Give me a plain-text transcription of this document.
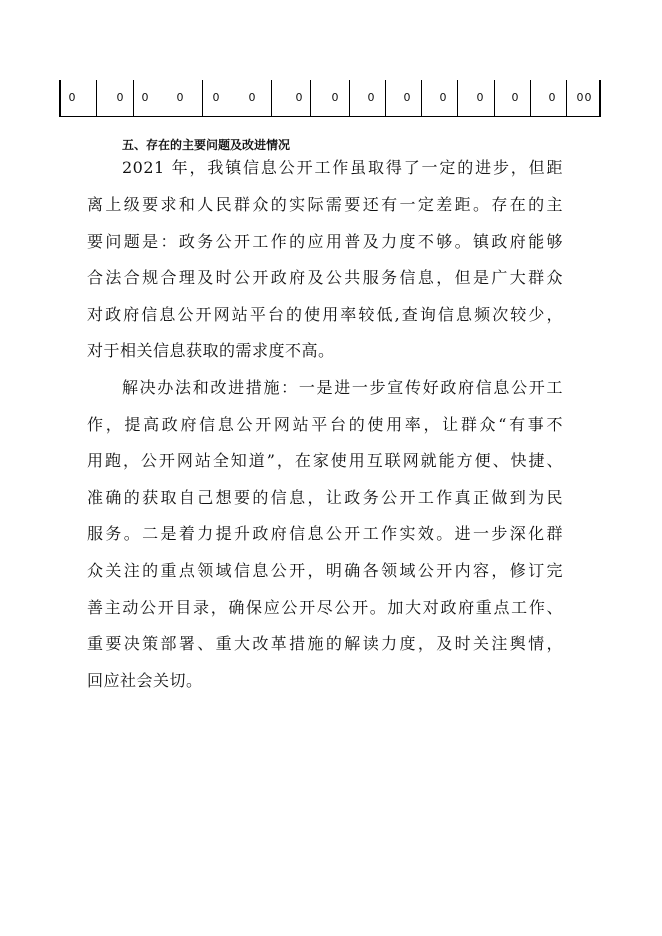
0	0 0	0	0	0	0	0	0	0	0	0	0	0 0 0
五、存在的主要问题及改进情况
2021 年，我镇信息公开工作虽取得了一定的进步，但距
离上级要求和人民群众的实际需要还有一定差距。存在的主
要问题是：政务公开工作的应用普及力度不够。镇政府能够
合法合规合理及时公开政府及公共服务信息，但是广大群众
对政府信息公开网站平台的使用率较低,查询信息频次较少，
对于相关信息获取的需求度不高。
解决办法和改进措施：一是进一步宣传好政府信息公开工
作，提高政府信息公开网站平台的使用率，让群众“有事不
用跑，公开网站全知道”，在家使用互联网就能方便、快捷、
准确的获取自己想要的信息，让政务公开工作真正做到为民
服务。二是着力提升政府信息公开工作实效。进一步深化群
众关注的重点领域信息公开，明确各领域公开内容，修订完
善主动公开目录，确保应公开尽公开。加大对政府重点工作、
重要决策部署、重大改革措施的解读力度，及时关注舆情，
回应社会关切。
